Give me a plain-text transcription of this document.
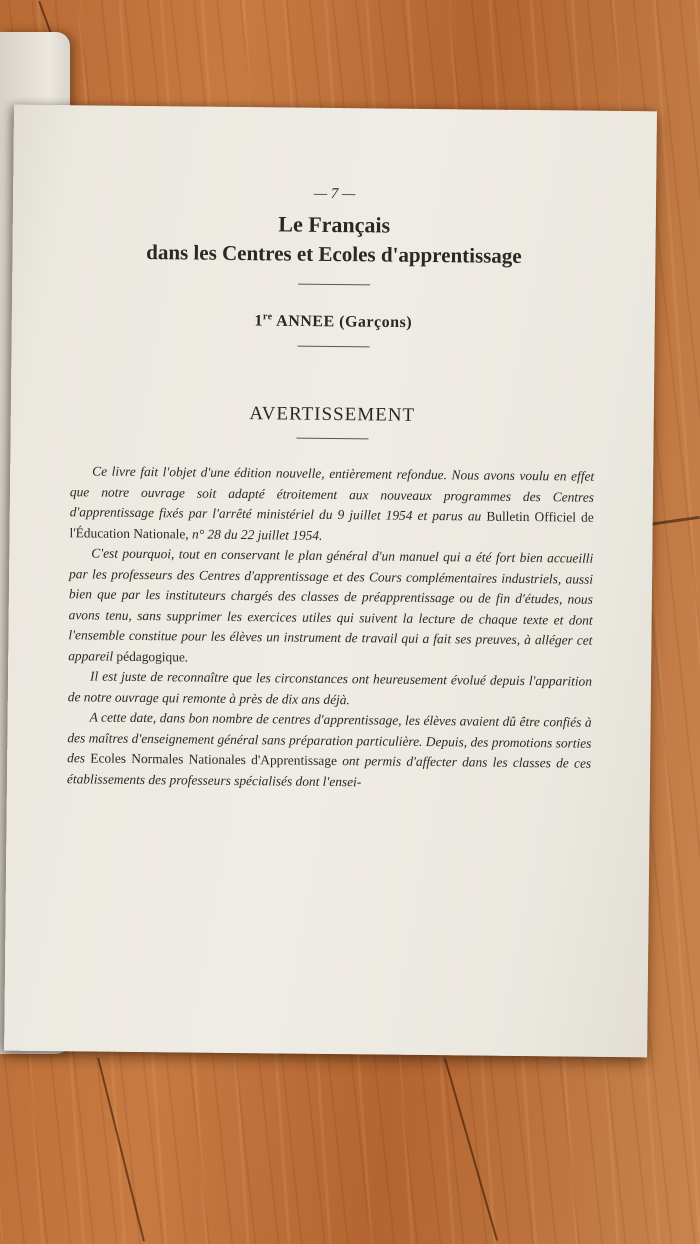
— 7 —
Le Français
dans les Centres et Ecoles d'apprentissage
1re ANNEE (Garçons)
AVERTISSEMENT

Ce livre fait l'objet d'une édition nouvelle, entièrement refondue. Nous avons voulu en effet que notre ouvrage soit adapté étroitement aux nouveaux programmes des Centres d'apprentissage fixés par l'arrêté ministériel du 9 juillet 1954 et parus au Bulletin Officiel de l'Éducation Nationale, n° 28 du 22 juillet 1954.

C'est pourquoi, tout en conservant le plan général d'un manuel qui a été fort bien accueilli par les professeurs des Centres d'apprentissage et des Cours complémentaires industriels, aussi bien que par les instituteurs chargés des classes de préapprentissage ou de fin d'études, nous avons tenu, sans supprimer les exercices utiles qui suivent la lecture de chaque texte et dont l'ensemble constitue pour les élèves un instrument de travail qui a fait ses preuves, à alléger cet appareil pédagogique.

Il est juste de reconnaître que les circonstances ont heureusement évolué depuis l'apparition de notre ouvrage qui remonte à près de dix ans déjà.

A cette date, dans bon nombre de centres d'apprentissage, les élèves avaient dû être confiés à des maîtres d'enseignement général sans préparation particulière. Depuis, des promotions sorties des Ecoles Normales Nationales d'Apprentissage ont permis d'affecter dans les classes de ces établissements des professeurs spécialisés dont l'ensei-
